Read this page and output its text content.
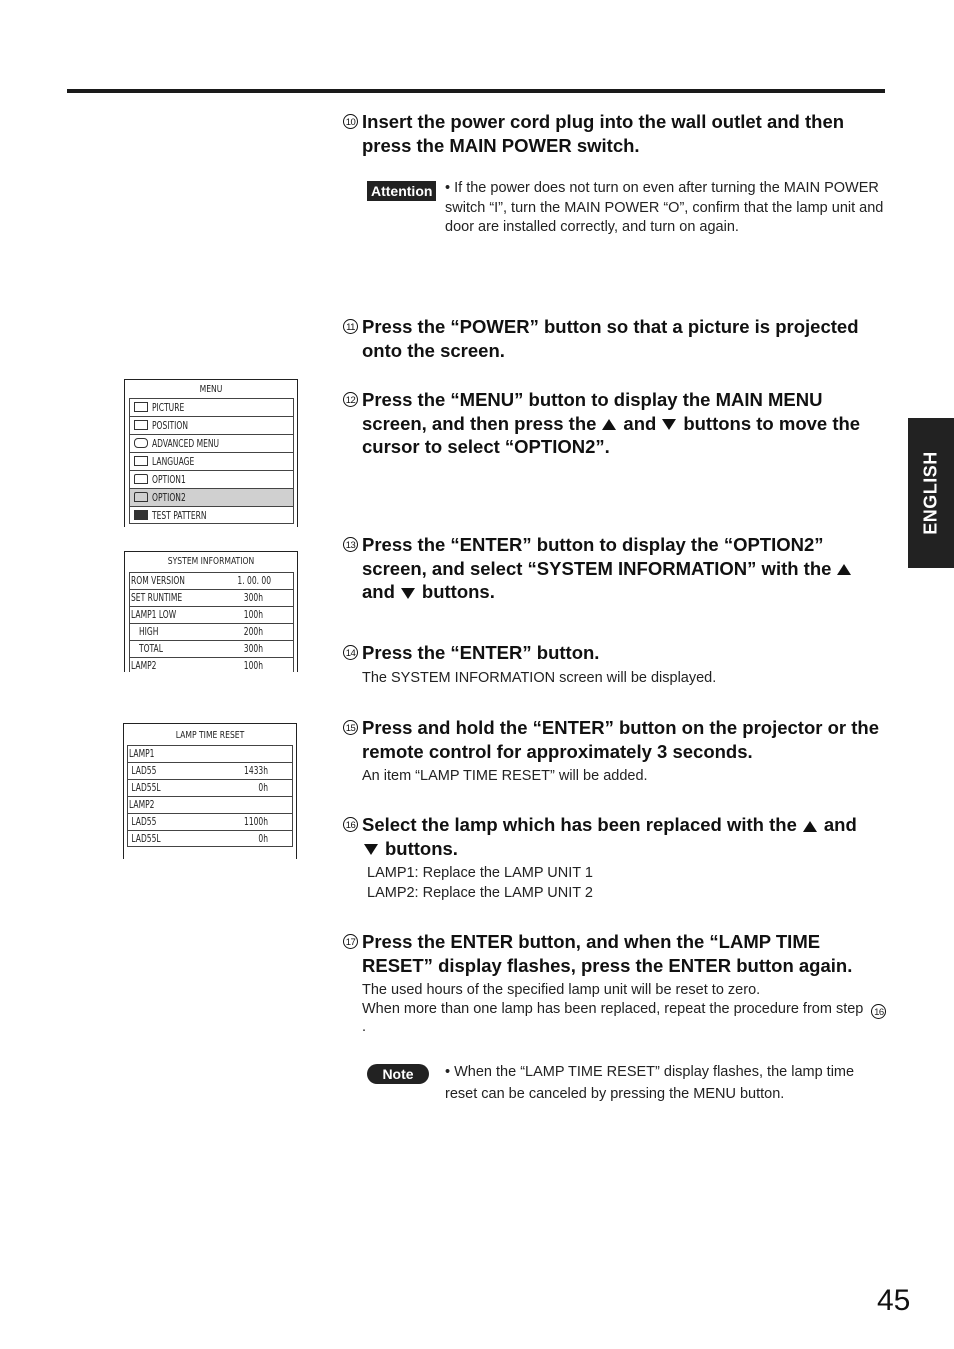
10 Insert the power cord plug into the wall outlet and then press the MAIN POWER switch.
Attention • If the power does not turn on even after turning the MAIN POWER switch “I”, turn the MAIN POWER “O”, confirm that the lamp unit and door are installed correctly, and turn on again.
11 Press the “POWER” button so that a picture is projected onto the screen.
12 Press the “MENU” button to display the MAIN MENU screen, and then press the and buttons to move the cursor to select “OPTION2”.
13 Press the “ENTER” button to display the “OPTION2” screen, and select “SYSTEM INFORMATION” with the
and buttons.
14 Press the “ENTER” button.
The SYSTEM INFORMATION screen will be displayed.
15 Press and hold the “ENTER” button on the projector or the remote control for approximately 3 seconds.
An item “LAMP TIME RESET” will be added.
16 Select the lamp which has been replaced with the and
buttons.
LAMP1: Replace the LAMP UNIT 1
LAMP2: Replace the LAMP UNIT 2
17 Press the ENTER button, and when the “LAMP TIME RESET” display flashes, press the ENTER button again.
The used hours of the specified lamp unit will be reset to zero.
When more than one lamp has been replaced, repeat the procedure from step 16.
Note	• When the “LAMP TIME RESET” display flashes, the lamp time reset can be canceled by pressing the MENU button.
MENU
PICTURE
POSITION
ADVANCED MENU
LANGUAGE
OPTION1
OPTION2
TEST PATTERN
SYSTEM INFORMATION
ROM VERSION	1. 00. 00
SET RUNTIME	300h
LAMP1 LOW	100h
HIGH	200h
TOTAL	300h
LAMP2	100h
LAMP TIME RESET
LAMP1
LAD55	1433h
LAD55L	0h
LAMP2
LAD55	1100h
LAD55L	0h
ENGLISH
45
